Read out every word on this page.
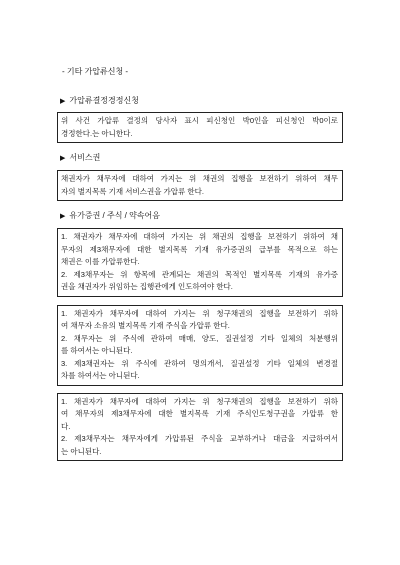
- 기타 가압류신청 -
▶ 가압류결정경정신청
위 사건 가압류 결정의 당사자 표시 피신청인 박0인을 피신청인 박0이로
경정한다.는 아니한다.
▶ 서비스권
채권자가 채무자에 대하여 가지는 위 채권의 집행을 보전하기 위하여 채무
자의 별지목록 기재 서비스권을 가압류 한다.
▶ 유가증권 / 주식 / 약속어음
1. 채권자가 채무자에 대하여 가지는 위 채권의 집행을 보전하기 위하여 채
무자의 제3채무자에 대한 별지목록 기재 유가증권의 급부를 목적으로 하는
채권은 이를 가압류한다.
2. 제3채무자는 위 항목에 관계되는 채권의 목적인 별지목록 기재의 유가증
권을 채권자가 위임하는 집행관에게 인도하여야 한다.
1. 채권자가 채무자에 대하여 가지는 위 청구채권의 집행을 보전하기 위하
여 채무자 소유의 별지목록 기재 주식을 가압류 한다.
2. 채무자는 위 주식에 관하여 매매, 양도, 질권설정 기타 일체의 처분행위
를 하여서는 아니된다.
3. 제3채권자는 위 주식에 관하여 명의개서, 질권설정 기타 일체의 변경절
차를 하여서는 아니된다.
1. 채권자가 채무자에 대하여 가지는 위 청구채권의 집행을 보전하기 위하
여 채무자의 제3채무자에 대한 별지목록 기재 주식인도청구권을 가압류 한
다.
2. 제3채무자는 채무자에게 가압류된 주식을 교부하거나 대금을 지급하여서
는 아니된다.
